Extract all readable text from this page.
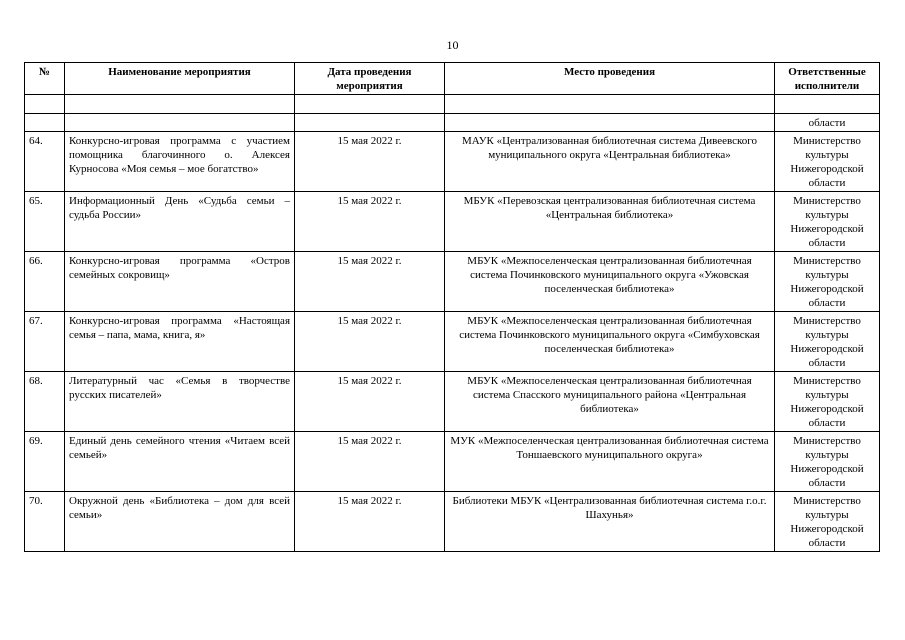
10
№	Наименование мероприятия	Дата проведения мероприятия	Место проведения	Ответственные исполнители

				области
64.	Конкурсно-игровая программа с участием помощника благочинного о. Алексея Курносова «Моя семья – мое богатство»	15 мая 2022 г.	МАУК «Централизованная библиотечная система Дивеевского муниципального округа «Центральная библиотека»	Министерство культуры Нижегородской области
65.	Информационный День «Судьба семьи – судьба России»	15 мая 2022 г.	МБУК «Перевозская централизованная библиотечная система «Центральная библиотека»	Министерство культуры Нижегородской области
66.	Конкурсно-игровая программа «Остров семейных сокровищ»	15 мая 2022 г.	МБУК «Межпоселенческая централизованная библиотечная система Починковского муниципального округа «Ужовская поселенческая библиотека»	Министерство культуры Нижегородской области
67.	Конкурсно-игровая программа «Настоящая семья – папа, мама, книга, я»	15 мая 2022 г.	МБУК «Межпоселенческая централизованная библиотечная система Починковского муниципального округа «Симбуховская поселенческая библиотека»	Министерство культуры Нижегородской области
68.	Литературный час «Семья в творчестве русских писателей»	15 мая 2022 г.	МБУК «Межпоселенческая централизованная библиотечная система Спасского муниципального района «Центральная библиотека»	Министерство культуры Нижегородской области
69.	Единый день семейного чтения «Читаем всей семьей»	15 мая 2022 г.	МУК «Межпоселенческая централизованная библиотечная система Тоншаевского муниципального округа»	Министерство культуры Нижегородской области
70.	Окружной день «Библиотека – дом для всей семьи»	15 мая 2022 г.	Библиотеки МБУК «Централизованная библиотечная система г.о.г. Шахунья»	Министерство культуры Нижегородской области
